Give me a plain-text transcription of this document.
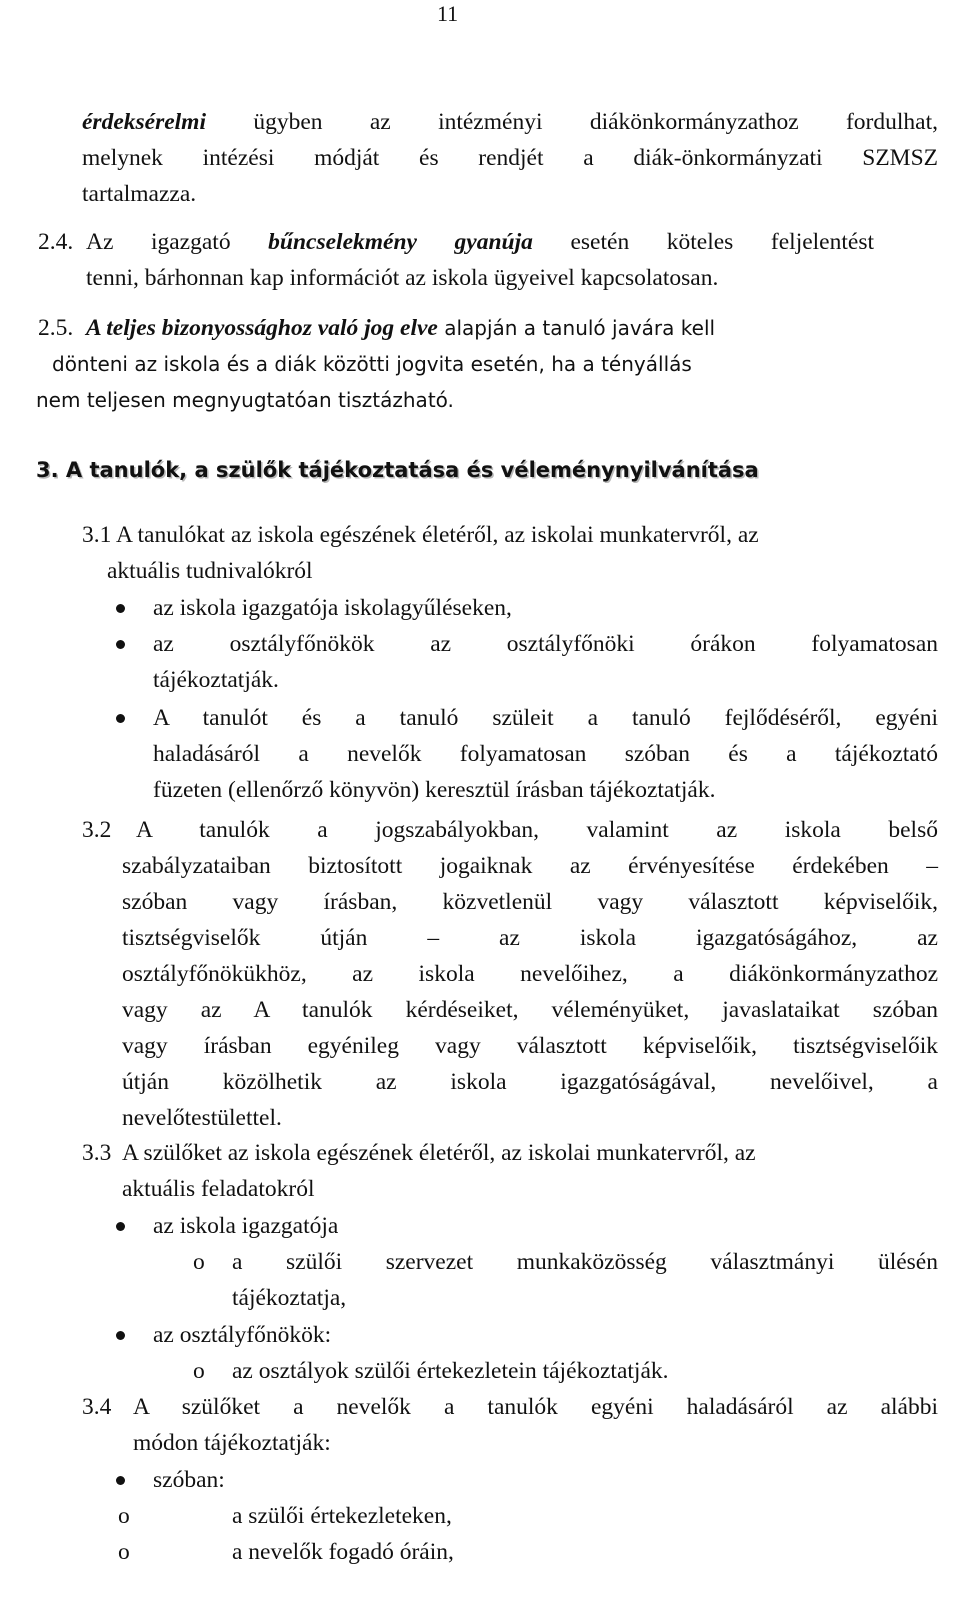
11
érdeksérelmi ügyben az intézményi diákönkormányzathoz fordulhat,
melynek intézési módját és rendjét a diák-önkormányzati SZMSZ
tartalmazza.
2.4. Az igazgató bűncselekmény gyanúja esetén köteles feljelentést
tenni, bárhonnan kap információt az iskola ügyeivel kapcsolatosan.
2.5. A teljes bizonyossághoz való jog elve alapján a tanuló javára kell
dönteni az iskola és a diák közötti jogvita esetén, ha a tényállás
nem teljesen megnyugtatóan tisztázható.
3. A tanulók, a szülők tájékoztatása és véleménynyilvánítása
3.1 A tanulókat az iskola egészének életéről, az iskolai munkatervről, az
aktuális tudnivalókról
az iskola igazgatója iskolagyűléseken,
az osztályfőnökök az osztályfőnöki órákon folyamatosan
tájékoztatják.
A tanulót és a tanuló szüleit a tanuló fejlődéséről, egyéni
haladásáról a nevelők folyamatosan szóban és a tájékoztató
füzeten (ellenőrző könyvön) keresztül írásban tájékoztatják.
3.2 A tanulók a jogszabályokban, valamint az iskola belső
szabályzataiban biztosított jogaiknak az érvényesítése érdekében –
szóban vagy írásban, közvetlenül vagy választott képviselőik,
tisztségviselők útján – az iskola igazgatóságához, az
osztályfőnökükhöz, az iskola nevelőihez, a diákönkormányzathoz
vagy az A tanulók kérdéseiket, véleményüket, javaslataikat szóban
vagy írásban egyénileg vagy választott képviselőik, tisztségviselőik
útján közölhetik az iskola igazgatóságával, nevelőivel, a
nevelőtestülettel.
3.3 A szülőket az iskola egészének életéről, az iskolai munkatervről, az
aktuális feladatokról
az iskola igazgatója
o a szülői szervezet munkaközösség választmányi ülésén
tájékoztatja,
az osztályfőnökök:
o az osztályok szülői értekezletein tájékoztatják.
3.4 A szülőket a nevelők a tanulók egyéni haladásáról az alábbi
módon tájékoztatják:
szóban:
o	a szülői értekezleteken,
o	a nevelők fogadó óráin,
